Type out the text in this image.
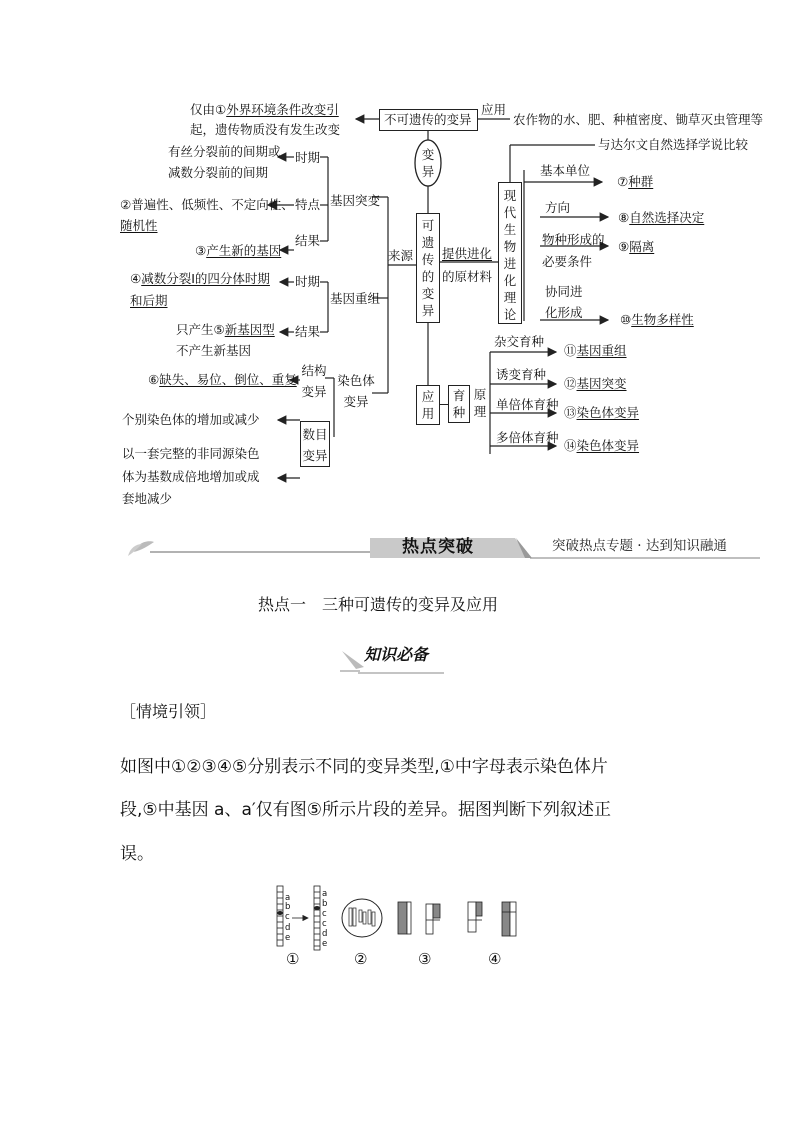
不可遗传的变异
仅由①外界环境条件改变引
起，遗传物质没有发生改变
应用
农作物的水、肥、种植密度、锄草灭虫管理等
变
异
可
遗
传
的
变
异
来源
基因突变
时期
有丝分裂前的间期或
减数分裂前的间期
特点
②普遍性、低频性、不定向性、
随机性
结果
③产生新的基因
基因重组
时期
④减数分裂Ⅰ的四分体时期
和后期
结果
只产生⑤新基因型
不产生新基因
染色体
变异
结构
变异
⑥缺失、易位、倒位、重复
数目
变异
个别染色体的增加或减少
以一套完整的非同源染色
体为基数成倍地增加或成
套地减少
提供进化
的原材料
现
代
生
物
进
化
理
论
与达尔文自然选择学说比较
基本单位
⑦种群
方向
⑧自然选择决定
物种形成的
必要条件
⑨隔离
协同进
化形成	⑩生物多样性
应
用
育
种
原
理
杂交育种
⑪基因重组
诱变育种
⑫基因突变
单倍体育种
⑬染色体变异
多倍体育种
⑭染色体变异
热点突破	突破热点专题 · 达到知识融通
热点一　三种可遗传的变异及应用
知识必备
［情境引领］
如图中①②③④⑤分别表示不同的变异类型,①中字母表示染色体片
段,⑤中基因 a、a′仅有图⑤所示片段的差异。据图判断下列叙述正
误。
a
b
c
d
e
a
b
c
c
d
e
①	②	③	④
